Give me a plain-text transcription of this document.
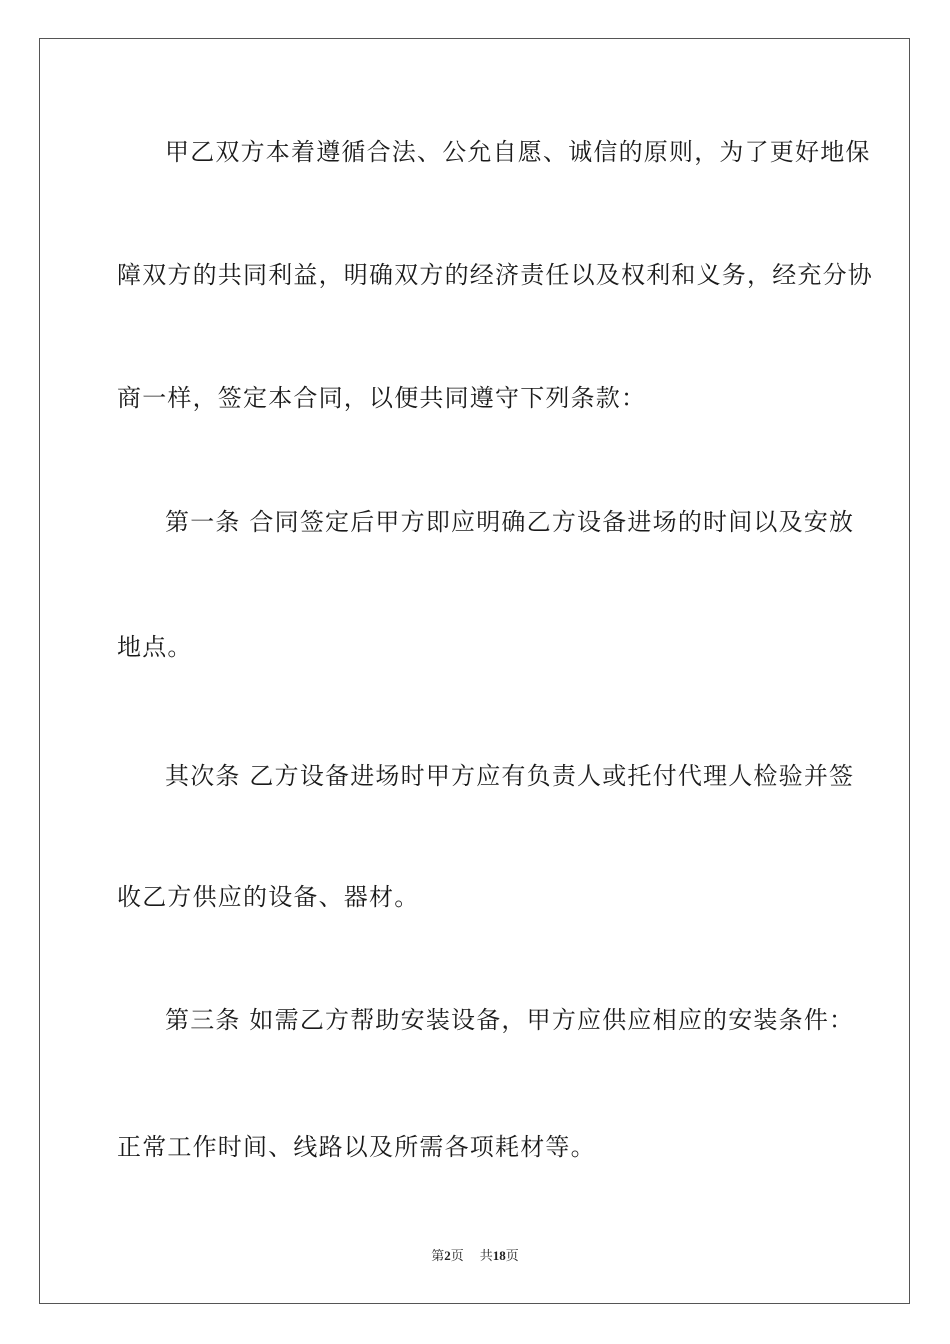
甲乙双方本着遵循合法、公允自愿、诚信的原则，为了更好地保
障双方的共同利益，明确双方的经济责任以及权利和义务，经充分协
商一样，签定本合同，以便共同遵守下列条款：
第一条 合同签定后甲方即应明确乙方设备进场的时间以及安放
地点。
其次条 乙方设备进场时甲方应有负责人或托付代理人检验并签
收乙方供应的设备、器材。
第三条 如需乙方帮助安装设备，甲方应供应相应的安装条件：
正常工作时间、线路以及所需各项耗材等。
第2页 共18页
